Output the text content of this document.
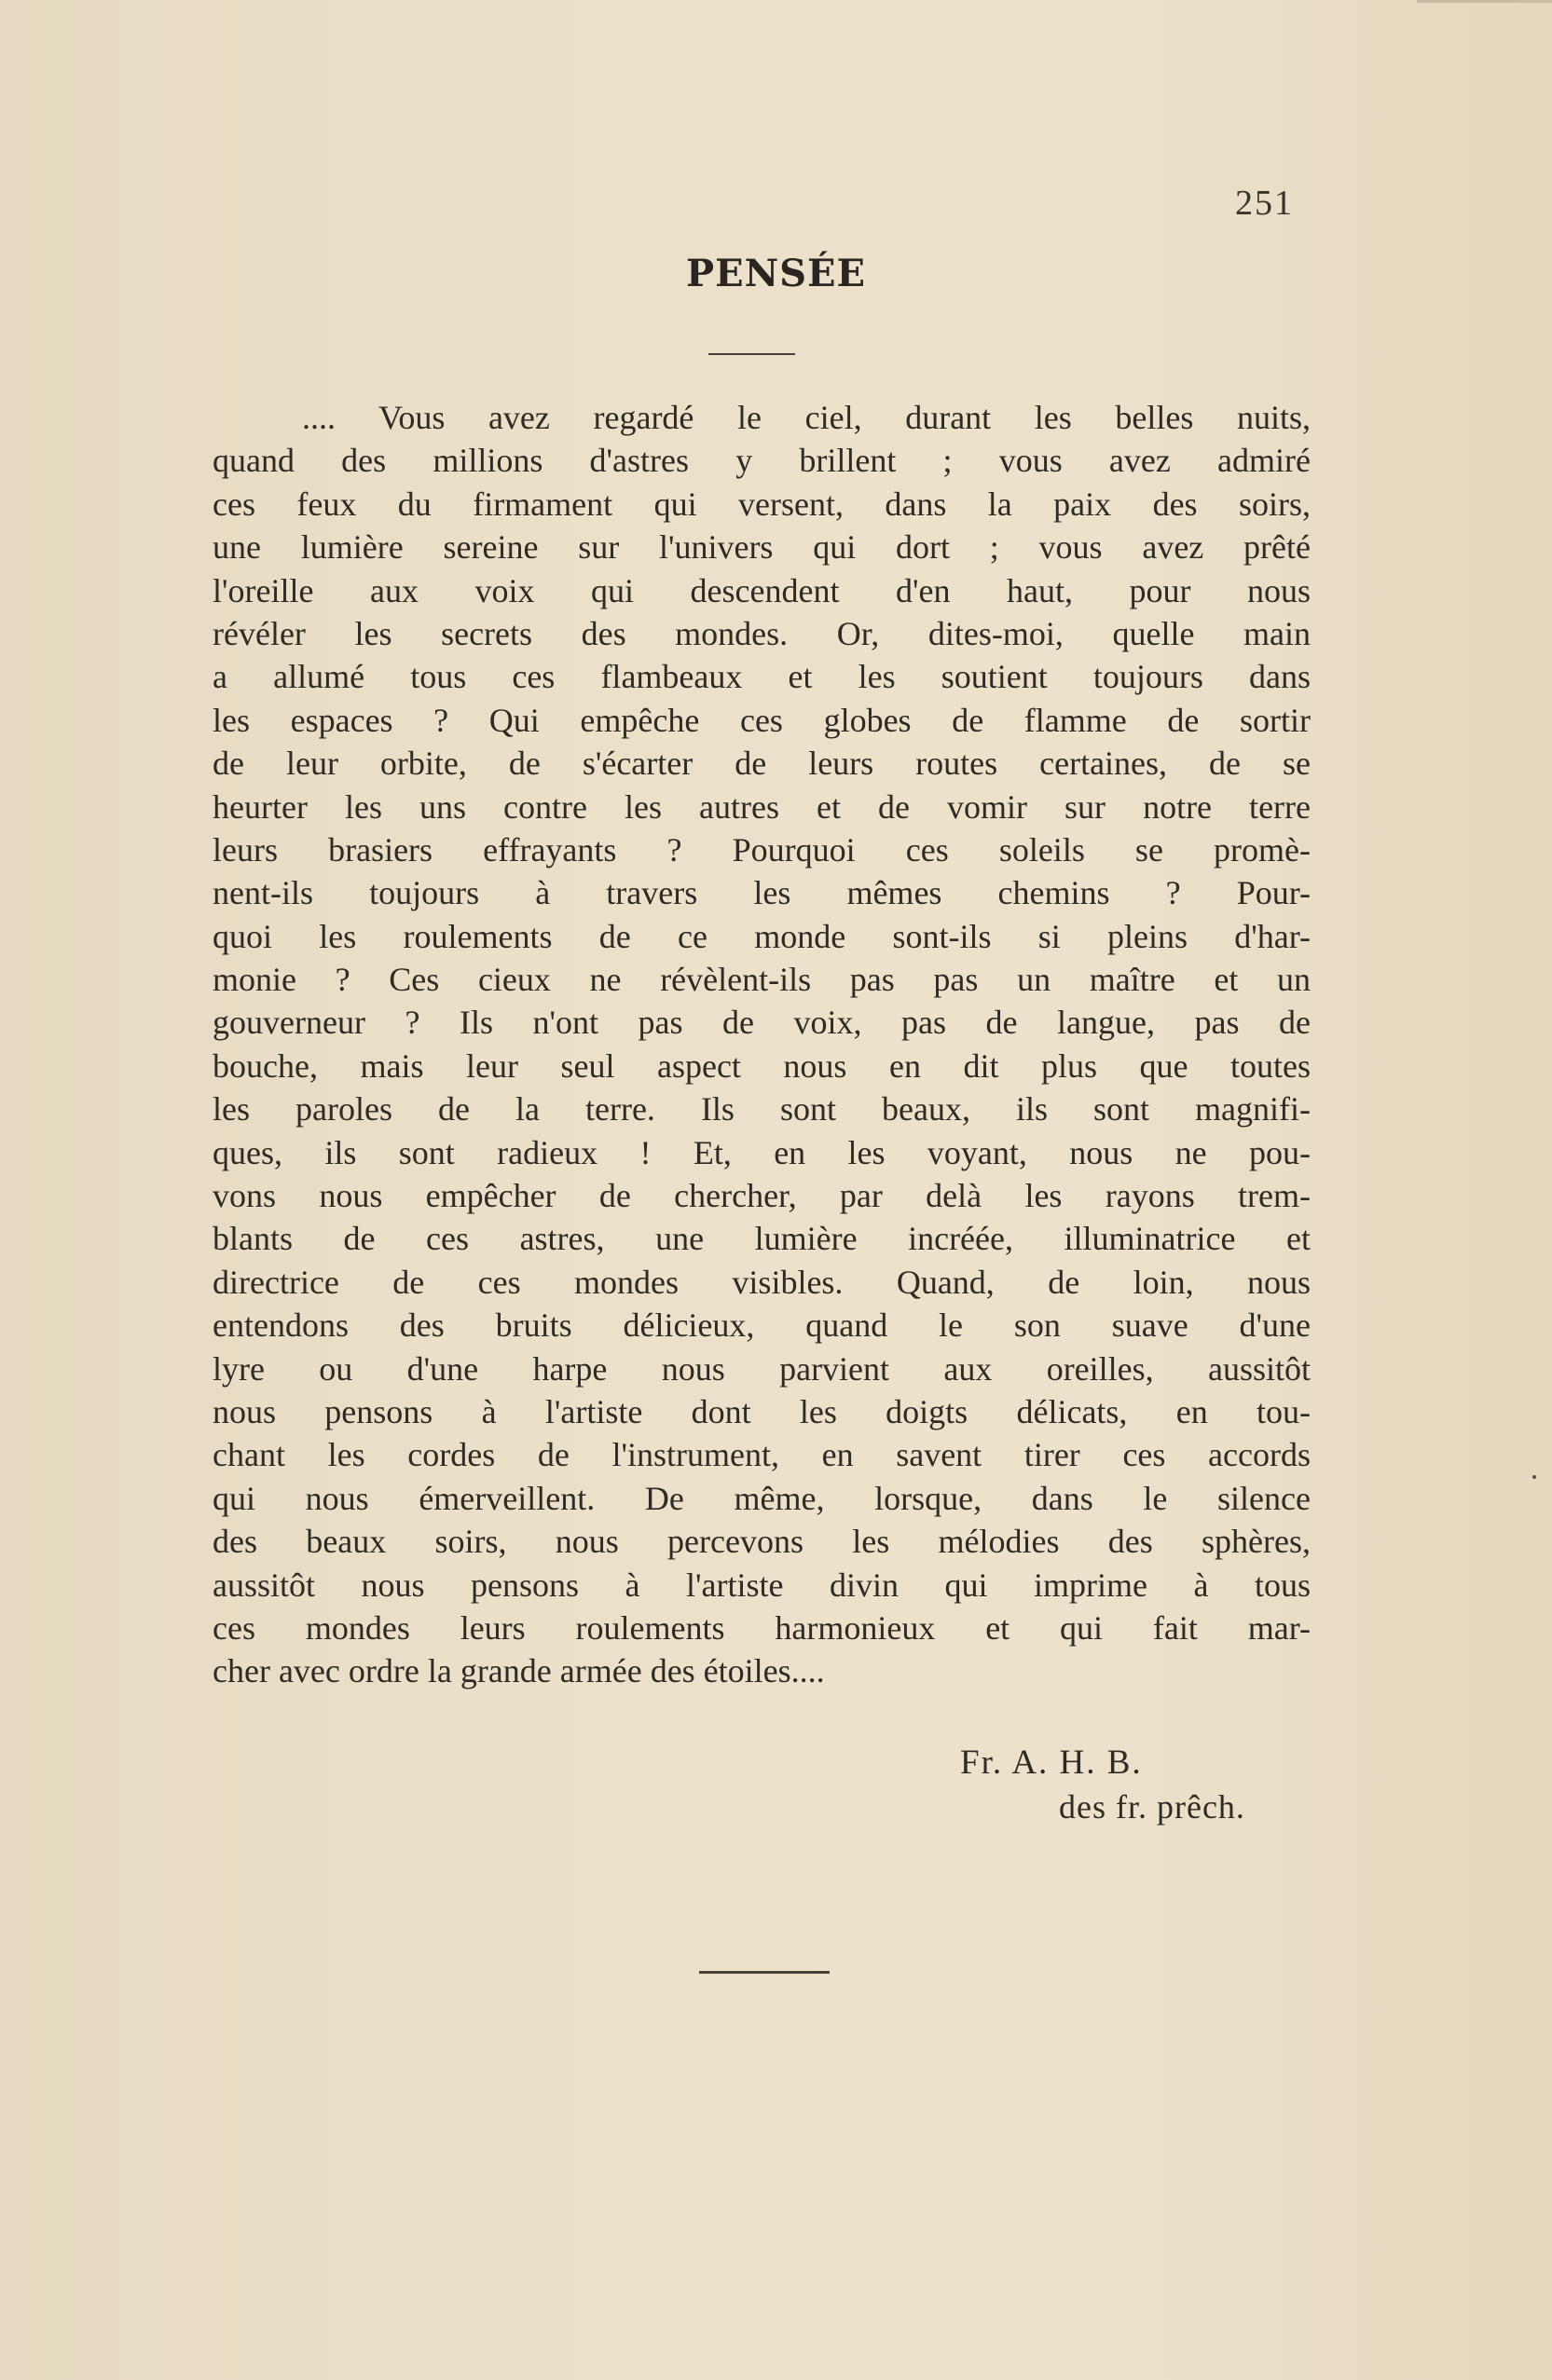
251
PENSÉE
.... Vous avez regardé le ciel, durant les belles nuits,
quand des millions d'astres y brillent ; vous avez admiré
ces feux du firmament qui versent, dans la paix des soirs,
une lumière sereine sur l'univers qui dort ; vous avez prêté
l'oreille aux voix qui descendent d'en haut, pour nous
révéler les secrets des mondes. Or, dites-moi, quelle main
a allumé tous ces flambeaux et les soutient toujours dans
les espaces ? Qui empêche ces globes de flamme de sortir
de leur orbite, de s'écarter de leurs routes certaines, de se
heurter les uns contre les autres et de vomir sur notre terre
leurs brasiers effrayants ? Pourquoi ces soleils se promè-
nent-ils toujours à travers les mêmes chemins ? Pour-
quoi les roulements de ce monde sont-ils si pleins d'har-
monie ? Ces cieux ne révèlent-ils pas pas un maître et un
gouverneur ? Ils n'ont pas de voix, pas de langue, pas de
bouche, mais leur seul aspect nous en dit plus que toutes
les paroles de la terre. Ils sont beaux, ils sont magnifi-
ques, ils sont radieux ! Et, en les voyant, nous ne pou-
vons nous empêcher de chercher, par delà les rayons trem-
blants de ces astres, une lumière incréée, illuminatrice et
directrice de ces mondes visibles. Quand, de loin, nous
entendons des bruits délicieux, quand le son suave d'une
lyre ou d'une harpe nous parvient aux oreilles, aussitôt
nous pensons à l'artiste dont les doigts délicats, en tou-
chant les cordes de l'instrument, en savent tirer ces accords
qui nous émerveillent. De même, lorsque, dans le silence
des beaux soirs, nous percevons les mélodies des sphères,
aussitôt nous pensons à l'artiste divin qui imprime à tous
ces mondes leurs roulements harmonieux et qui fait mar-
cher avec ordre la grande armée des étoiles....
Fr. A. H. B.
des fr. prêch.
